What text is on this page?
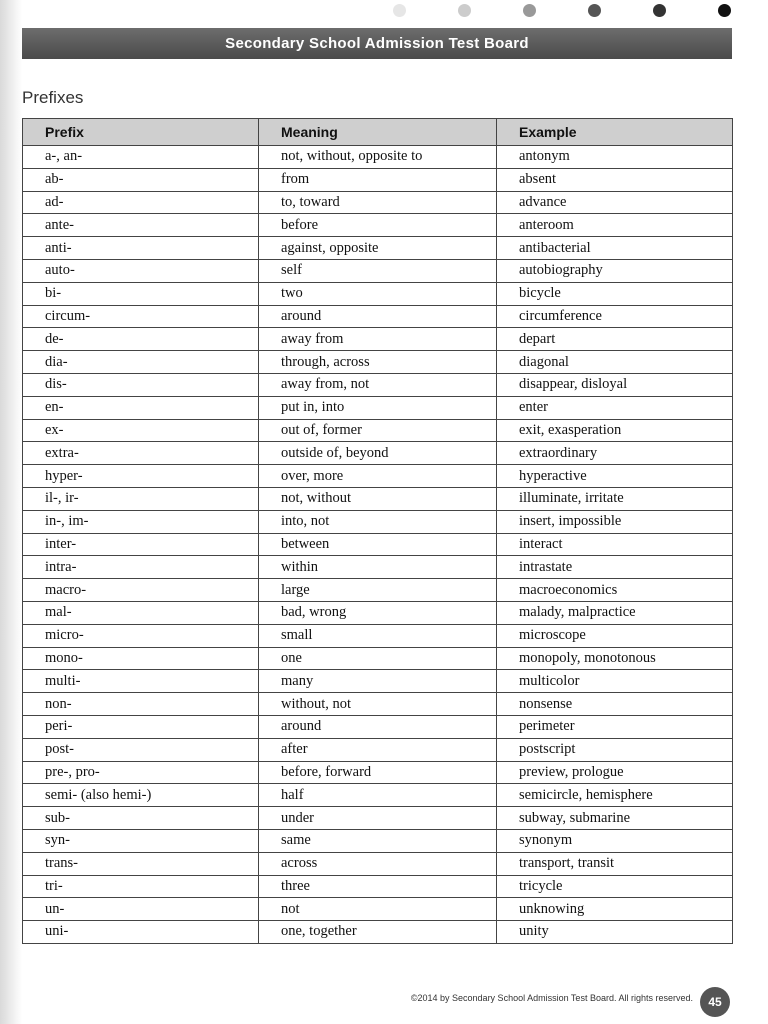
Secondary School Admission Test Board
Prefixes
Prefix	Meaning	Example
a-, an-	not, without, opposite to	antonym
ab-	from	absent
ad-	to, toward	advance
ante-	before	anteroom
anti-	against, opposite	antibacterial
auto-	self	autobiography
bi-	two	bicycle
circum-	around	circumference
de-	away from	depart
dia-	through, across	diagonal
dis-	away from, not	disappear, disloyal
en-	put in, into	enter
ex-	out of, former	exit, exasperation
extra-	outside of, beyond	extraordinary
hyper-	over, more	hyperactive
il-, ir-	not, without	illuminate, irritate
in-, im-	into, not	insert, impossible
inter-	between	interact
intra-	within	intrastate
macro-	large	macroeconomics
mal-	bad, wrong	malady, malpractice
micro-	small	microscope
mono-	one	monopoly, monotonous
multi-	many	multicolor
non-	without, not	nonsense
peri-	around	perimeter
post-	after	postscript
pre-, pro-	before, forward	preview, prologue
semi- (also hemi-)	half	semicircle, hemisphere
sub-	under	subway, submarine
syn-	same	synonym
trans-	across	transport, transit
tri-	three	tricycle
un-	not	unknowing
uni-	one, together	unity
©2014 by Secondary School Admission Test Board. All rights reserved.	45
